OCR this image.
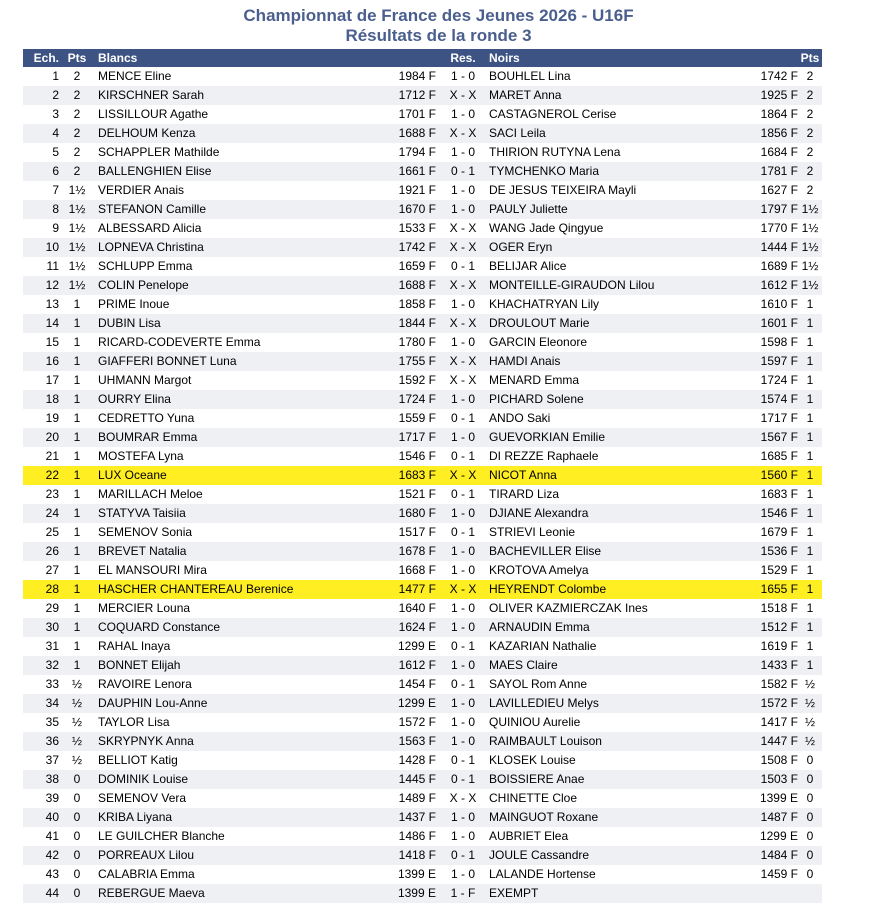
Championnat de France des Jeunes 2026 - U16F
Résultats de la ronde 3
Ech. Pts Blancs	Res.	Noirs	Pts
1	2	MENCE Eline	1984 F	1 - 0	BOUHLEL Lina	1742 F 2
2	2	KIRSCHNER Sarah	1712 F	X - X	MARET Anna	1925 F 2
3	2	LISSILLOUR Agathe	1701 F	1 - 0	CASTAGNEROL Cerise	1864 F 2
4	2	DELHOUM Kenza	1688 F	X - X	SACI Leila	1856 F 2
5	2	SCHAPPLER Mathilde	1794 F	1 - 0	THIRION RUTYNA Lena	1684 F 2
6	2	BALLENGHIEN Elise	1661 F	0 - 1	TYMCHENKO Maria	1781 F 2
7 1½	VERDIER Anais	1921 F	1 - 0	DE JESUS TEIXEIRA Mayli	1627 F 2
8 1½	STEFANON Camille	1670 F	1 - 0	PAULY Juliette	1797 F 1½
9 1½	ALBESSARD Alicia	1533 F	X - X	WANG Jade Qingyue	1770 F 1½
10 1½	LOPNEVA Christina	1742 F	X - X	OGER Eryn	1444 F 1½
11 1½	SCHLUPP Emma	1659 F	0 - 1	BELIJAR Alice	1689 F 1½
12 1½	COLIN Penelope	1688 F	X - X	MONTEILLE-GIRAUDON Lilou	1612 F 1½
13	1	PRIME Inoue	1858 F	1 - 0	KHACHATRYAN Lily	1610 F 1
14	1	DUBIN Lisa	1844 F	X - X	DROULOUT Marie	1601 F 1
15	1	RICARD-CODEVERTE Emma	1780 F	1 - 0	GARCIN Eleonore	1598 F 1
16	1	GIAFFERI BONNET Luna	1755 F	X - X	HAMDI Anais	1597 F 1
17	1	UHMANN Margot	1592 F	X - X	MENARD Emma	1724 F 1
18	1	OURRY Elina	1724 F	1 - 0	PICHARD Solene	1574 F 1
19	1	CEDRETTO Yuna	1559 F	0 - 1	ANDO Saki	1717 F 1
20	1	BOUMRAR Emma	1717 F	1 - 0	GUEVORKIAN Emilie	1567 F 1
21	1	MOSTEFA Lyna	1546 F	0 - 1	DI REZZE Raphaele	1685 F 1
22	1	LUX Oceane	1683 F	X - X	NICOT Anna	1560 F 1
23	1	MARILLACH Meloe	1521 F	0 - 1	TIRARD Liza	1683 F 1
24	1	STATYVA Taisiia	1680 F	1 - 0	DJIANE Alexandra	1546 F 1
25	1	SEMENOV Sonia	1517 F	0 - 1	STRIEVI Leonie	1679 F 1
26	1	BREVET Natalia	1678 F	1 - 0	BACHEVILLER Elise	1536 F 1
27	1	EL MANSOURI Mira	1668 F	1 - 0	KROTOVA Amelya	1529 F 1
28	1	HASCHER CHANTEREAU Berenice	1477 F	X - X	HEYRENDT Colombe	1655 F 1
29	1	MERCIER Louna	1640 F	1 - 0	OLIVER KAZMIERCZAK Ines	1518 F 1
30	1	COQUARD Constance	1624 F	1 - 0	ARNAUDIN Emma	1512 F 1
31	1	RAHAL Inaya	1299 E	0 - 1	KAZARIAN Nathalie	1619 F 1
32	1	BONNET Elijah	1612 F	1 - 0	MAES Claire	1433 F 1
33	½	RAVOIRE Lenora	1454 F	0 - 1	SAYOL Rom Anne	1582 F ½
34	½	DAUPHIN Lou-Anne	1299 E	1 - 0	LAVILLEDIEU Melys	1572 F ½
35	½	TAYLOR Lisa	1572 F	1 - 0	QUINIOU Aurelie	1417 F ½
36	½	SKRYPNYK Anna	1563 F	1 - 0	RAIMBAULT Louison	1447 F ½
37	½	BELLIOT Katig	1428 F	0 - 1	KLOSEK Louise	1508 F 0
38	0	DOMINIK Louise	1445 F	0 - 1	BOISSIERE Anae	1503 F 0
39	0	SEMENOV Vera	1489 F	X - X	CHINETTE Cloe	1399 E 0
40	0	KRIBA Liyana	1437 F	1 - 0	MAINGUOT Roxane	1487 F 0
41	0	LE GUILCHER Blanche	1486 F	1 - 0	AUBRIET Elea	1299 E 0
42	0	PORREAUX Lilou	1418 F	0 - 1	JOULE Cassandre	1484 F 0
43	0	CALABRIA Emma	1399 E	1 - 0	LALANDE Hortense	1459 F 0
44	0	REBERGUE Maeva	1399 E	1 - F	EXEMPT
